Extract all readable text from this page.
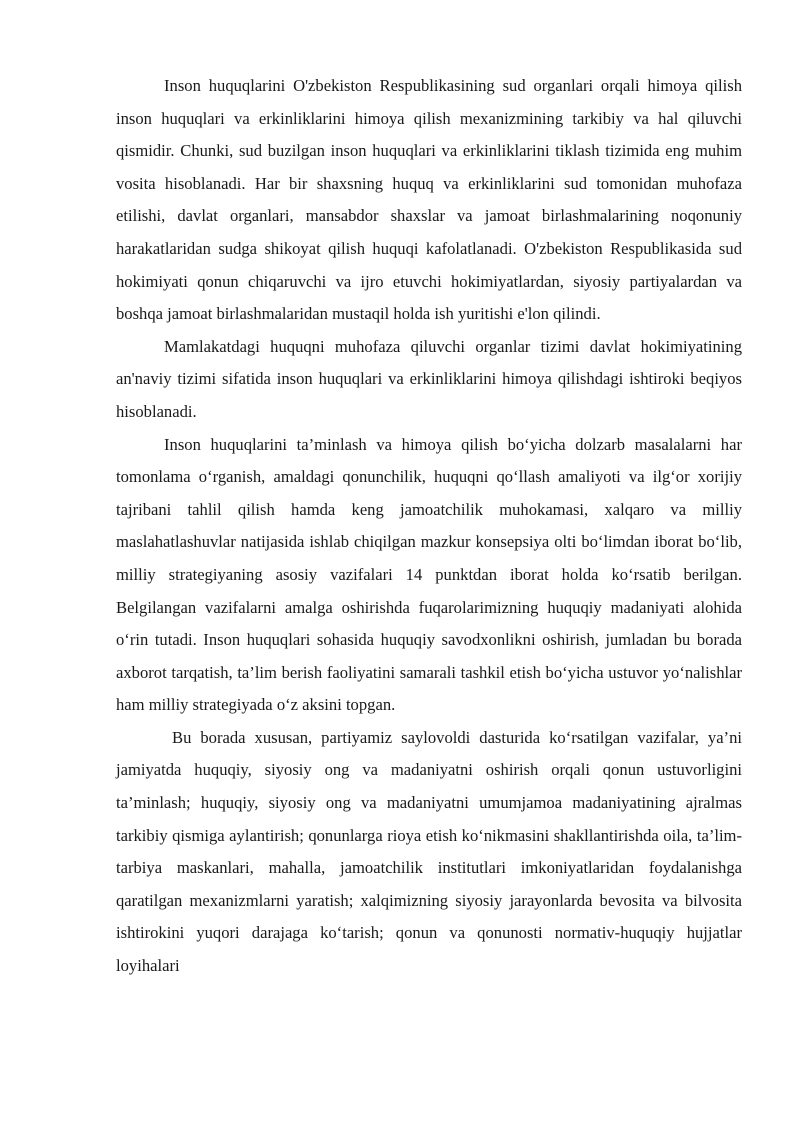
Inson huquqlarini O'zbekiston Respublikasining sud organlari orqali himoya qilish inson huquqlari va erkinliklarini himoya qilish mexanizmining tarkibiy va hal qiluvchi qismidir. Chunki, sud buzilgan inson huquqlari va erkinliklarini tiklash tizimida eng muhim vosita hisoblanadi. Har bir shaxsning huquq va erkinliklarini sud tomonidan muhofaza etilishi, davlat organlari, mansabdor shaxslar va jamoat birlashmalarining noqonuniy harakatlaridan sudga shikoyat qilish huquqi kafolatlanadi. O'zbekiston Respublikasida sud hokimiyati qonun chiqaruvchi va ijro etuvchi hokimiyatlardan, siyosiy partiyalardan va boshqa jamoat birlashmalaridan mustaqil holda ish yuritishi e'lon qilindi.

Mamlakatdagi huquqni muhofaza qiluvchi organlar tizimi davlat hokimiyatining an'naviy tizimi sifatida inson huquqlari va erkinliklarini himoya qilishdagi ishtiroki beqiyos hisoblanadi.

Inson huquqlarini ta’minlash va himoya qilish bo‘yicha dolzarb masalalarni har tomonlama o‘rganish, amaldagi qonunchilik, huquqni qo‘llash amaliyoti va ilg‘or xorijiy tajribani tahlil qilish hamda keng jamoatchilik muhokamasi, xalqaro va milliy maslahatlashuvlar natijasida ishlab chiqilgan mazkur konsepsiya olti bo‘limdan iborat bo‘lib, milliy strategiyaning asosiy vazifalari 14 punktdan iborat holda ko‘rsatib berilgan. Belgilangan vazifalarni amalga oshirishda fuqarolarimizning huquqiy madaniyati alohida o‘rin tutadi. Inson huquqlari sohasida huquqiy savodxonlikni oshirish, jumladan bu borada axborot tarqatish, ta’lim berish faoliyatini samarali tashkil etish bo‘yicha ustuvor yo‘nalishlar ham milliy strategiyada o‘z aksini topgan.

Bu borada xususan, partiyamiz saylovoldi dasturida ko‘rsatilgan vazifalar, ya’ni jamiyatda huquqiy, siyosiy ong va madaniyatni oshirish orqali qonun ustuvorligini ta’minlash; huquqiy, siyosiy ong va madaniyatni umumjamoa madaniyatining ajralmas tarkibiy qismiga aylantirish; qonunlarga rioya etish ko‘nikmasini shakllantirishda oila, ta’lim-tarbiya maskanlari, mahalla, jamoatchilik institutlari imkoniyatlaridan foydalanishga qaratilgan mexanizmlarni yaratish; xalqimizning siyosiy jarayonlarda bevosita va bilvosita ishtirokini yuqori darajaga ko‘tarish; qonun va qonunosti normativ-huquqiy hujjatlar loyihalari
